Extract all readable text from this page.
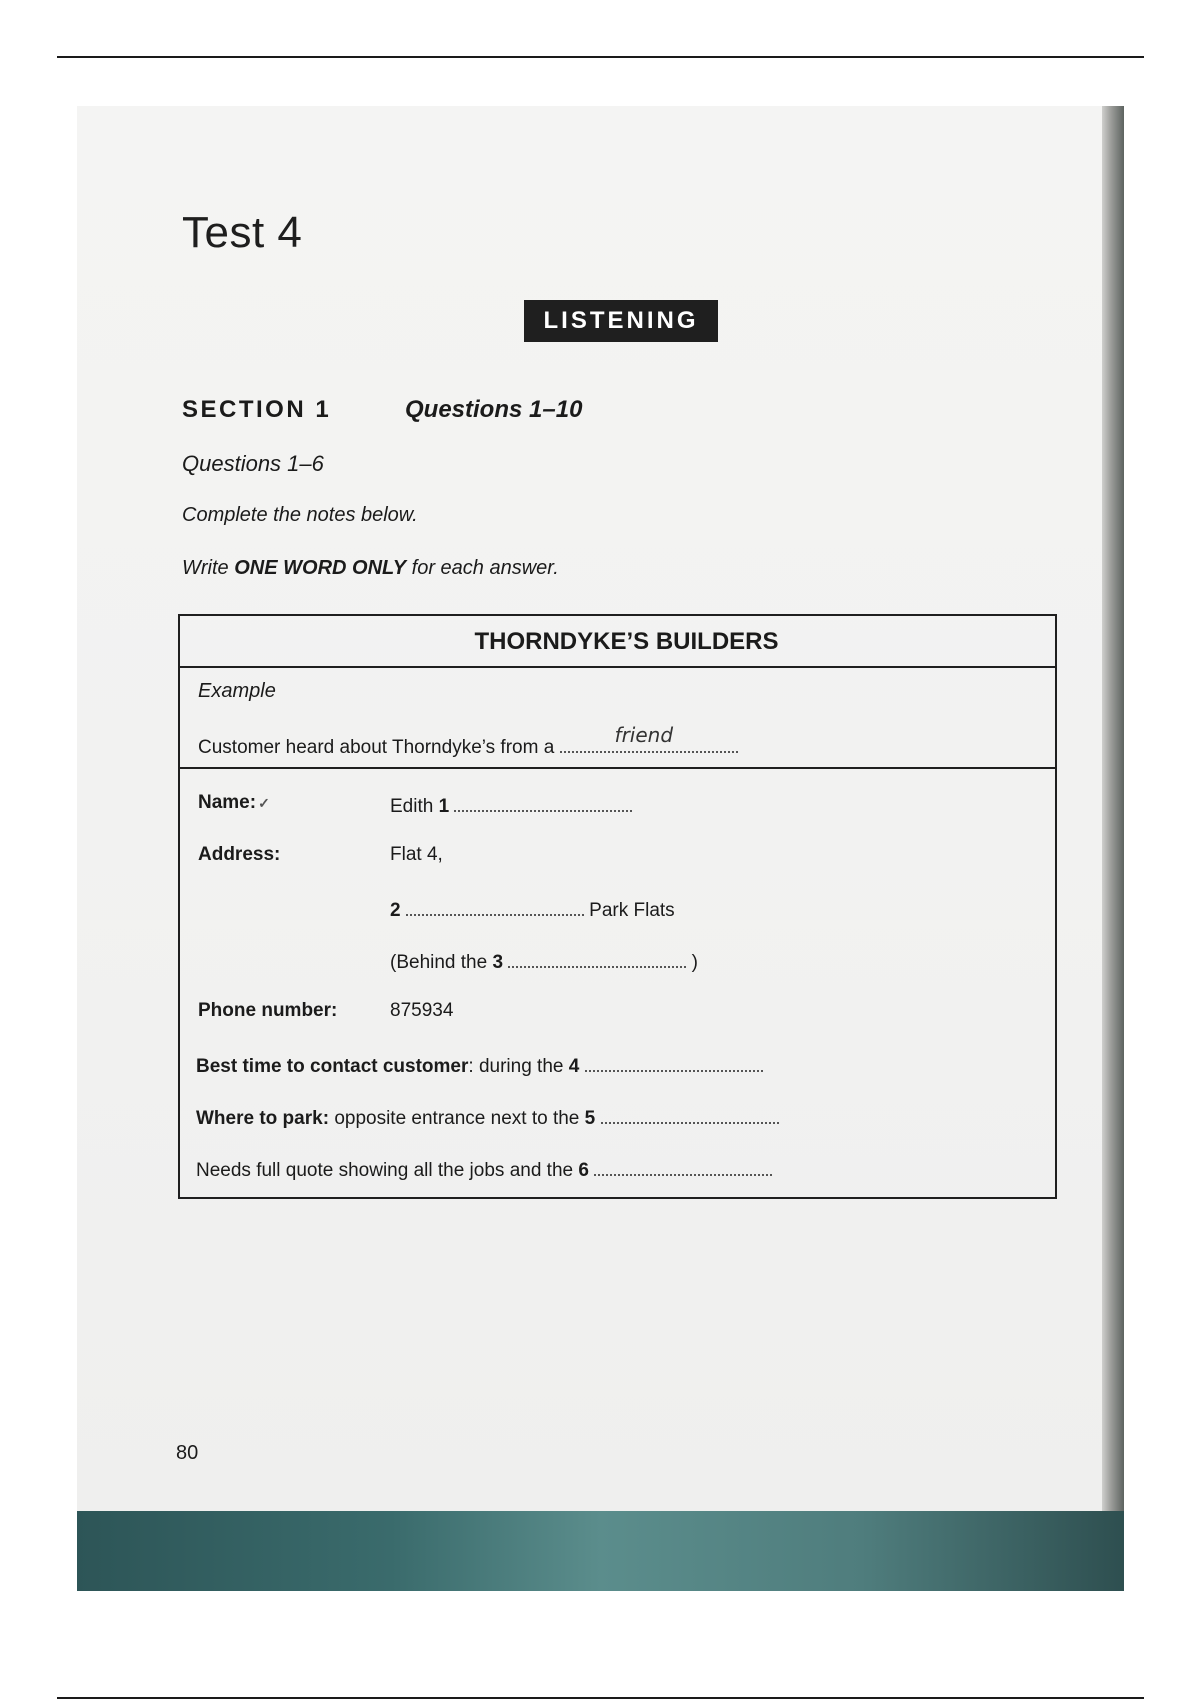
Test 4
LISTENING
SECTION 1	Questions 1–10
Questions 1–6
Complete the notes below.
Write ONE WORD ONLY for each answer.
THORNDYKE’S BUILDERS
Example
Customer heard about Thorndyke’s from a
friend
Name: ✓	Edith 1
Address:	Flat 4,
2	Park Flats
(Behind the 3	)
Phone number:	875934
Best time to contact customer: during the 4
Where to park: opposite entrance next to the 5
Needs full quote showing all the jobs and the 6
80
